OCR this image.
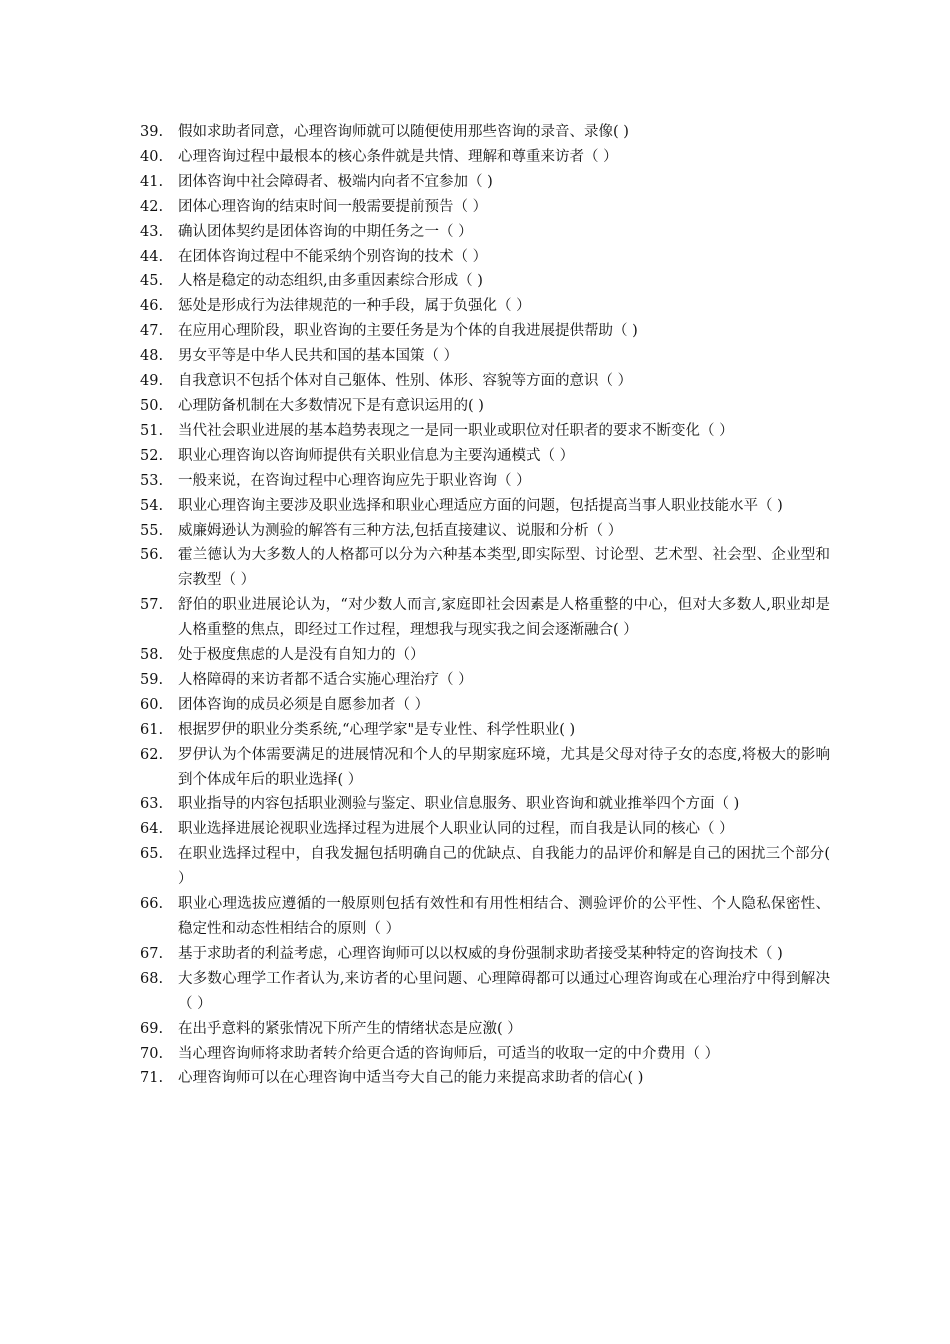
39.	假如求助者同意，心理咨询师就可以随便使用那些咨询的录音、录像( )
40.	心理咨询过程中最根本的核心条件就是共情、理解和尊重来访者（ ）
41.	团体咨询中社会障碍者、极端内向者不宜参加（ )
42.	团体心理咨询的结束时间一般需要提前预告（ ）
43.	确认团体契约是团体咨询的中期任务之一（ ）
44.	在团体咨询过程中不能采纳个别咨询的技术（ ）
45.	人格是稳定的动态组织,由多重因素综合形成（ )
46.	惩处是形成行为法律规范的一种手段，属于负强化（ ）
47.	在应用心理阶段，职业咨询的主要任务是为个体的自我进展提供帮助（ )
48.	男女平等是中华人民共和国的基本国策（ ）
49.	自我意识不包括个体对自己躯体、性别、体形、容貌等方面的意识（ ）
50.	心理防备机制在大多数情况下是有意识运用的( )
51.	当代社会职业进展的基本趋势表现之一是同一职业或职位对任职者的要求不断变化（ ）
52.	职业心理咨询以咨询师提供有关职业信息为主要沟通模式（ ）
53.	一般来说，在咨询过程中心理咨询应先于职业咨询（ ）
54.	职业心理咨询主要涉及职业选择和职业心理适应方面的问题，包括提高当事人职业技能水平（ )
55.	威廉姆逊认为测验的解答有三种方法,包括直接建议、说服和分析（ ）
56.	霍兰德认为大多数人的人格都可以分为六种基本类型,即实际型、讨论型、艺术型、社会型、企业型和宗教型（ ）
57.	舒伯的职业进展论认为，“对少数人而言,家庭即社会因素是人格重整的中心，但对大多数人,职业却是人格重整的焦点，即经过工作过程，理想我与现实我之间会逐渐融合( ）
58.	处于极度焦虑的人是没有自知力的（）
59.	人格障碍的来访者都不适合实施心理治疗（ ）
60.	团体咨询的成员必须是自愿参加者（ ）
61.	根据罗伊的职业分类系统,“心理学家"是专业性、科学性职业( )
62.	罗伊认为个体需要满足的进展情况和个人的早期家庭环境，尤其是父母对待子女的态度,将极大的影响到个体成年后的职业选择( ）
63.	职业指导的内容包括职业测验与鉴定、职业信息服务、职业咨询和就业推举四个方面（ )
64.	职业选择进展论视职业选择过程为进展个人职业认同的过程，而自我是认同的核心（ ）
65.	在职业选择过程中，自我发掘包括明确自己的优缺点、自我能力的品评价和解是自己的困扰三个部分( ）
66.	职业心理选拔应遵循的一般原则包括有效性和有用性相结合、测验评价的公平性、个人隐私保密性、稳定性和动态性相结合的原则（ ）
67.	基于求助者的利益考虑，心理咨询师可以以权威的身份强制求助者接受某种特定的咨询技术（ )
68.	大多数心理学工作者认为,来访者的心里问题、心理障碍都可以通过心理咨询或在心理治疗中得到解决（ ）
69.	在出乎意料的紧张情况下所产生的情绪状态是应激( ）
70.	当心理咨询师将求助者转介给更合适的咨询师后，可适当的收取一定的中介费用（ ）
71.	心理咨询师可以在心理咨询中适当夸大自己的能力来提高求助者的信心( )
